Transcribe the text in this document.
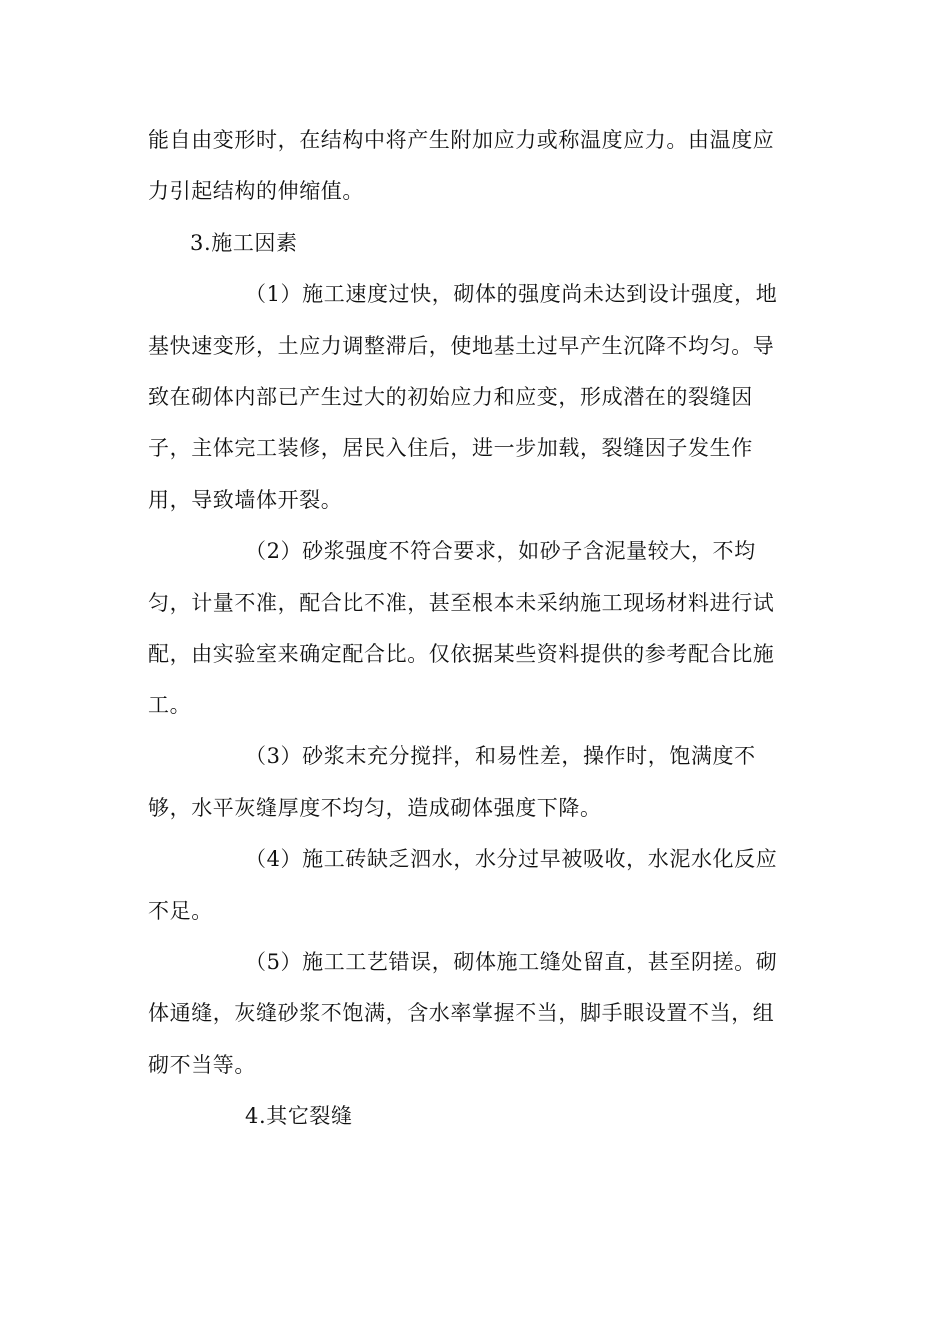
能自由变形时，在结构中将产生附加应力或称温度应力。由温度应
力引起结构的伸缩值。
3.施工因素
（1）施工速度过快，砌体的强度尚未达到设计强度，地
基快速变形，土应力调整滞后，使地基土过早产生沉降不均匀。导
致在砌体内部已产生过大的初始应力和应变，形成潜在的裂缝因
子，主体完工装修，居民入住后，进一步加载，裂缝因子发生作
用，导致墙体开裂。
（2）砂浆强度不符合要求，如砂子含泥量较大，不均
匀，计量不准，配合比不准，甚至根本未采纳施工现场材料进行试
配，由实验室来确定配合比。仅依据某些资料提供的参考配合比施
工。
（3）砂浆末充分搅拌，和易性差，操作时，饱满度不
够，水平灰缝厚度不均匀，造成砌体强度下降。
（4）施工砖缺乏泗水，水分过早被吸收，水泥水化反应
不足。
（5）施工工艺错误，砌体施工缝处留直，甚至阴搓。砌
体通缝，灰缝砂浆不饱满，含水率掌握不当，脚手眼设置不当，组
砌不当等。
4.其它裂缝
